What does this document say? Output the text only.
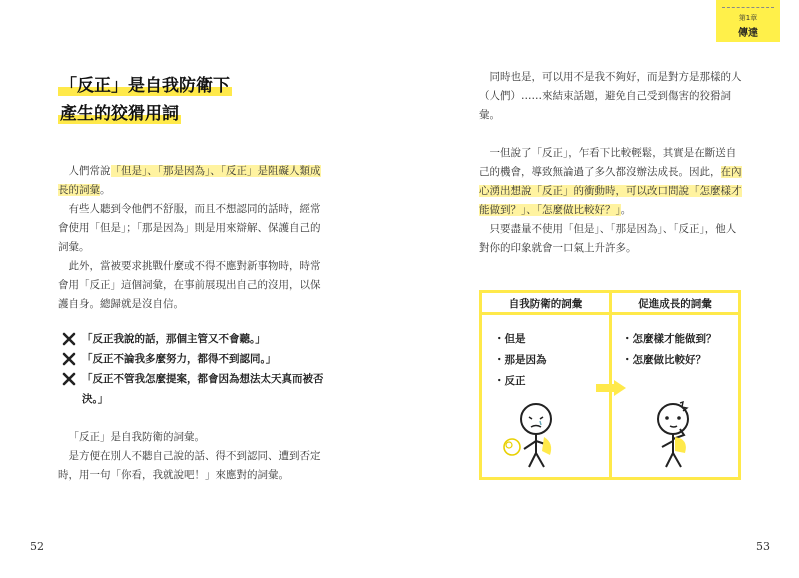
第1章
傳達
「反正」是自我防衛下
產生的狡猾用詞

人們常說「但是」、「那是因為」、「反正」是阻礙人類成長的詞彙。

有些人聽到令他們不舒服，而且不想認同的話時，經常會使用「但是」；「那是因為」則是用來辯解、保護自己的詞彙。

此外，當被要求挑戰什麼或不得不應對新事物時，時常會用「反正」這個詞彙，在事前展現出自己的沒用，以保護自身。總歸就是沒自信。

「反正我說的話，那個主管又不會聽。」
「反正不論我多麼努力，都得不到認同。」
「反正不管我怎麼提案，都會因為想法太天真而被否決。」

「反正」是自我防衛的詞彙。

是方便在別人不聽自己說的話、得不到認同、遭到否定時，用一句「你看，我就說吧！」來應對的詞彙。

52

同時也是，可以用不是我不夠好，而是對方是那樣的人（人們）……來結束話題，避免自己受到傷害的狡猾詞彙。

一但說了「反正」，乍看下比較輕鬆，其實是在斷送自己的機會，導致無論過了多久都沒辦法成長。因此，在內心湧出想說「反正」的衝動時，可以改口問說「怎麼樣才能做到？」、「怎麼做比較好？」。

只要盡量不使用「但是」、「那是因為」、「反正」，他人對你的印象就會一口氣上升許多。

自我防衛的詞彙	促進成長的詞彙
・但是
・那是因為
・反正
・怎麼樣才能做到？
・怎麼做比較好？
53
